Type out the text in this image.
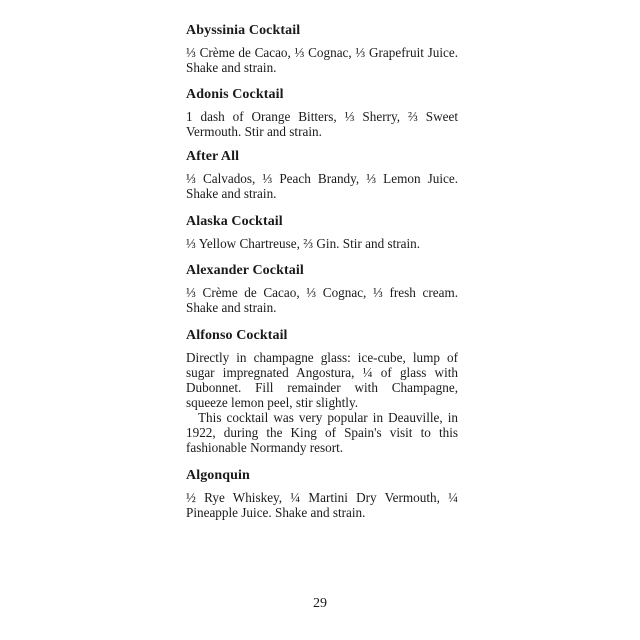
Abyssinia Cocktail

⅓ Crème de Cacao, ⅓ Cognac, ⅓ Grapefruit Juice. Shake and strain.

Adonis Cocktail

1 dash of Orange Bitters, ⅓ Sherry, ⅔ Sweet Vermouth. Stir and strain.

After All

⅓ Calvados, ⅓ Peach Brandy, ⅓ Lemon Juice. Shake and strain.

Alaska Cocktail

⅓ Yellow Chartreuse, ⅔ Gin. Stir and strain.

Alexander Cocktail

⅓ Crème de Cacao, ⅓ Cognac, ⅓ fresh cream. Shake and strain.

Alfonso Cocktail

Directly in champagne glass: ice-cube, lump of sugar impregnated Angostura, ¼ of glass with Dubonnet. Fill remainder with Champagne, squeeze lemon peel, stir slightly.
This cocktail was very popular in Deauville, in 1922, during the King of Spain's visit to this fashionable Normandy resort.

Algonquin

½ Rye Whiskey, ¼ Martini Dry Vermouth, ¼ Pineapple Juice. Shake and strain.

29
